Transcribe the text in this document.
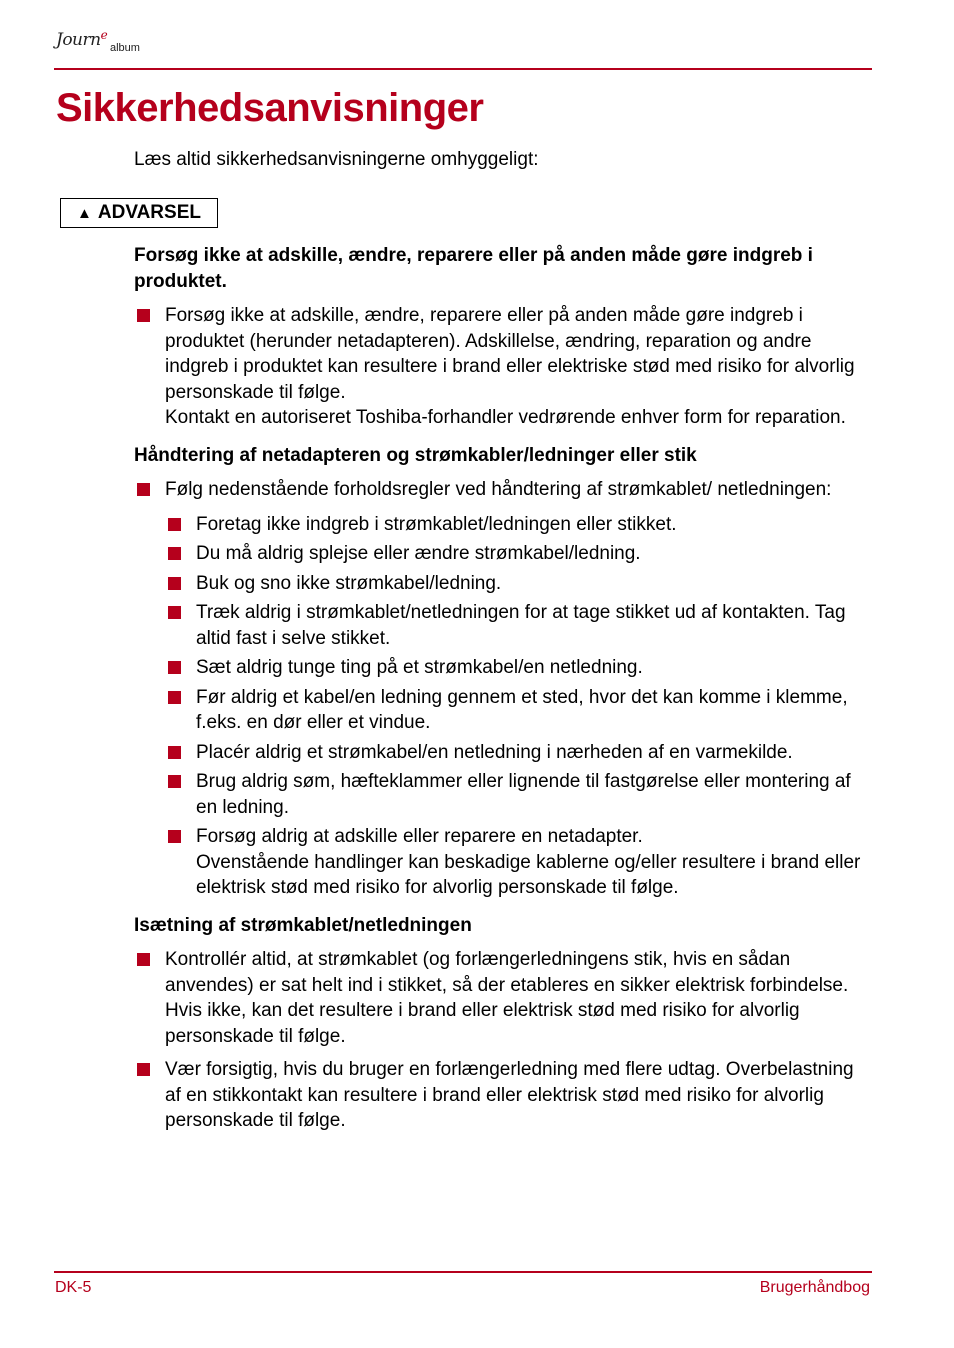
Journ$^e$
album
Sikkerhedsanvisninger

Læs altid sikkerhedsanvisningerne omhyggeligt:

▲ ADVARSEL

Forsøg ikke at adskille, ændre, reparere eller på anden måde gøre indgreb i produktet.

Forsøg ikke at adskille, ændre, reparere eller på anden måde gøre indgreb i produktet (herunder netadapteren). Adskillelse, ændring, reparation og andre indgreb i produktet kan resultere i brand eller elektriske stød med risiko for alvorlig personskade til følge.
Kontakt en autoriseret Toshiba-forhandler vedrørende enhver form for reparation.

Håndtering af netadapteren og strømkabler/ledninger eller stik

Følg nedenstående forholdsregler ved håndtering af strømkablet/ netledningen:
Foretag ikke indgreb i strømkablet/ledningen eller stikket.
Du må aldrig splejse eller ændre strømkabel/ledning.
Buk og sno ikke strømkabel/ledning.
Træk aldrig i strømkablet/netledningen for at tage stikket ud af kontakten. Tag altid fast i selve stikket.
Sæt aldrig tunge ting på et strømkabel/en netledning.
Før aldrig et kabel/en ledning gennem et sted, hvor det kan komme i klemme, f.eks. en dør eller et vindue.
Placér aldrig et strømkabel/en netledning i nærheden af en varmekilde.
Brug aldrig søm, hæfteklammer eller lignende til fastgørelse eller montering af en ledning.
Forsøg aldrig at adskille eller reparere en netadapter.
Ovenstående handlinger kan beskadige kablerne og/eller resultere i brand eller elektrisk stød med risiko for alvorlig personskade til følge.

Isætning af strømkablet/netledningen

Kontrollér altid, at strømkablet (og forlængerledningens stik, hvis en sådan anvendes) er sat helt ind i stikket, så der etableres en sikker elektrisk forbindelse. Hvis ikke, kan det resultere i brand eller elektrisk stød med risiko for alvorlig personskade til følge.
Vær forsigtig, hvis du bruger en forlængerledning med flere udtag. Overbelastning af en stikkontakt kan resultere i brand eller elektrisk stød med risiko for alvorlig personskade til følge.
DK-5	Brugerhåndbog
